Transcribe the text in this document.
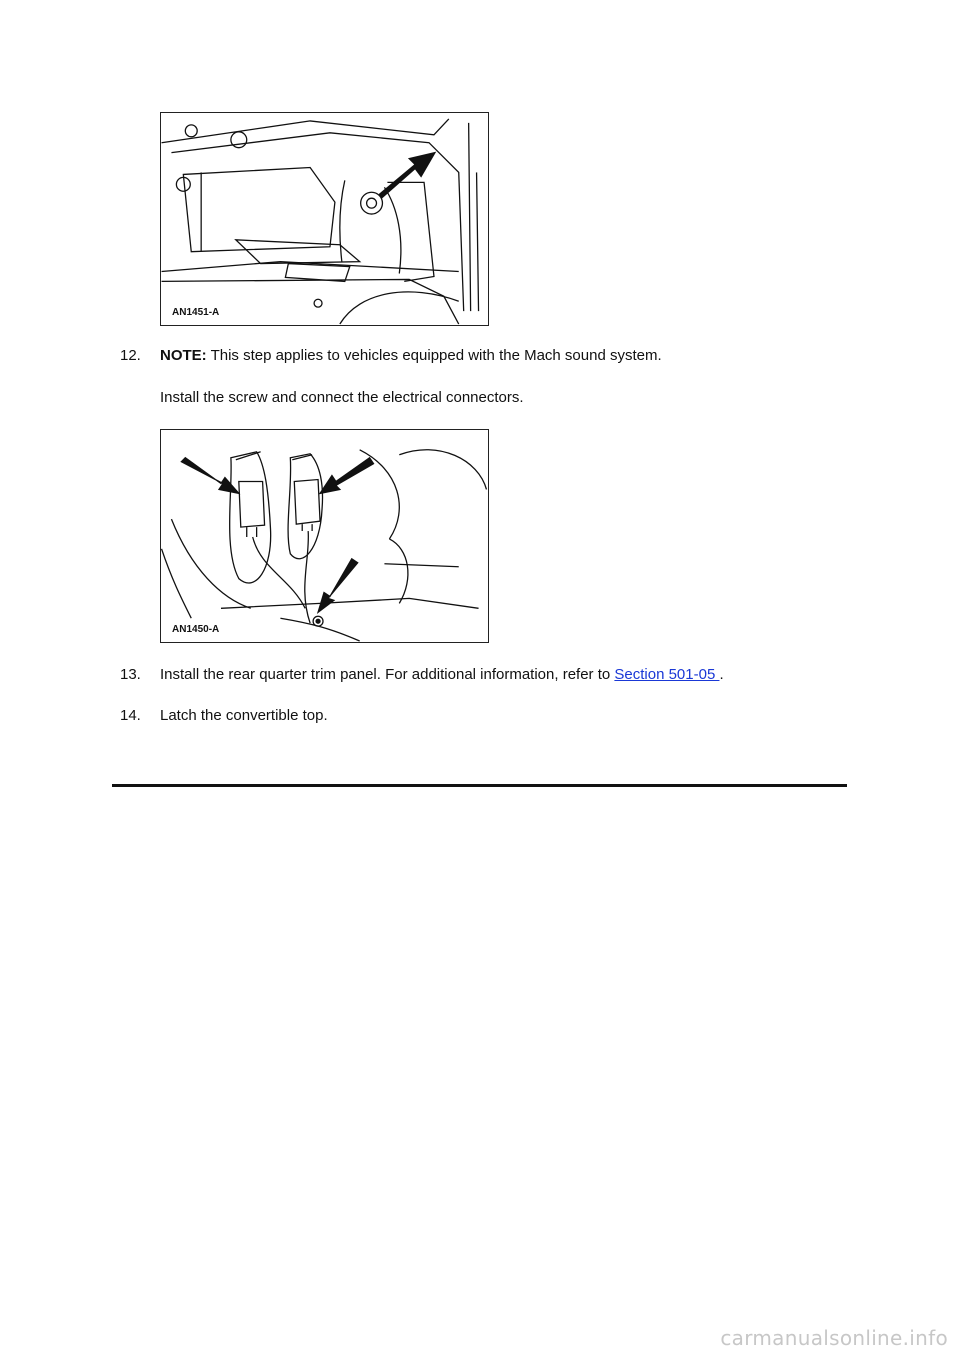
AN1451-A
12.	NOTE: This step applies to vehicles equipped with the Mach sound system.
Install the screw and connect the electrical connectors.
AN1450-A
13.	Install the rear quarter trim panel. For additional information, refer to Section 501-05 .
14.	Latch the convertible top.
carmanualsonline.info
